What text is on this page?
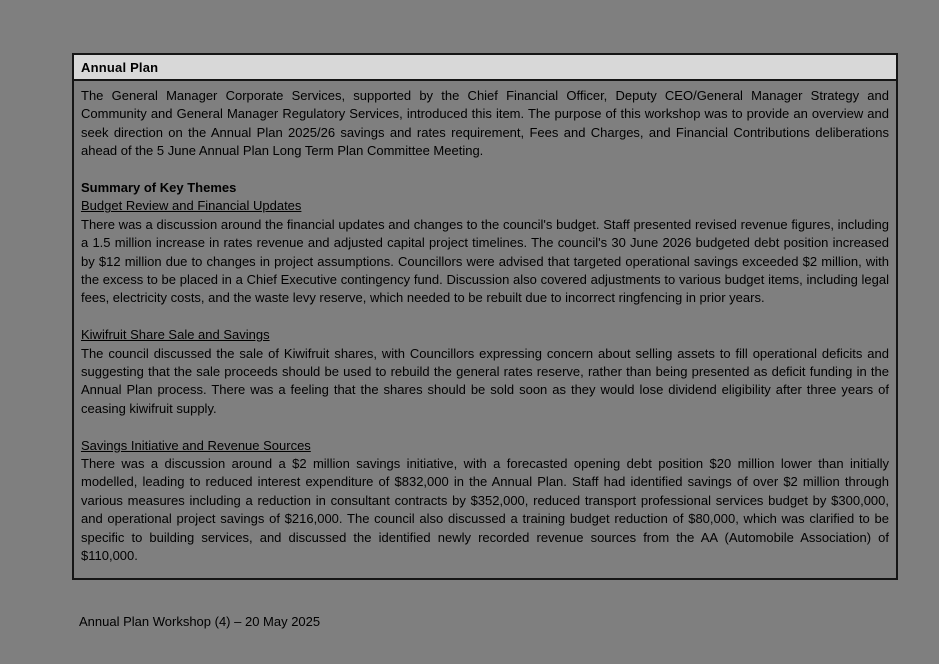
Annual Plan

The General Manager Corporate Services, supported by the Chief Financial Officer, Deputy CEO/General Manager Strategy and Community and General Manager Regulatory Services, introduced this item. The purpose of this workshop was to provide an overview and seek direction on the Annual Plan 2025/26 savings and rates requirement, Fees and Charges, and Financial Contributions deliberations ahead of the 5 June Annual Plan Long Term Plan Committee Meeting.

Summary of Key Themes

Budget Review and Financial Updates

There was a discussion around the financial updates and changes to the council's budget. Staff presented revised revenue figures, including a 1.5 million increase in rates revenue and adjusted capital project timelines. The council's 30 June 2026 budgeted debt position increased by $12 million due to changes in project assumptions. Councillors were advised that targeted operational savings exceeded $2 million, with the excess to be placed in a Chief Executive contingency fund. Discussion also covered adjustments to various budget items, including legal fees, electricity costs, and the waste levy reserve, which needed to be rebuilt due to incorrect ringfencing in prior years.

Kiwifruit Share Sale and Savings

The council discussed the sale of Kiwifruit shares, with Councillors expressing concern about selling assets to fill operational deficits and suggesting that the sale proceeds should be used to rebuild the general rates reserve, rather than being presented as deficit funding in the Annual Plan process. There was a feeling that the shares should be sold soon as they would lose dividend eligibility after three years of ceasing kiwifruit supply.

Savings Initiative and Revenue Sources

There was a discussion around a $2 million savings initiative, with a forecasted opening debt position $20 million lower than initially modelled, leading to reduced interest expenditure of $832,000 in the Annual Plan. Staff had identified savings of over $2 million through various measures including a reduction in consultant contracts by $352,000, reduced transport professional services budget by $300,000, and operational project savings of $216,000. The council also discussed a training budget reduction of $80,000, which was clarified to be specific to building services, and discussed the identified newly recorded revenue sources from the AA (Automobile Association) of $110,000.

Annual Plan Workshop (4) – 20 May 2025
